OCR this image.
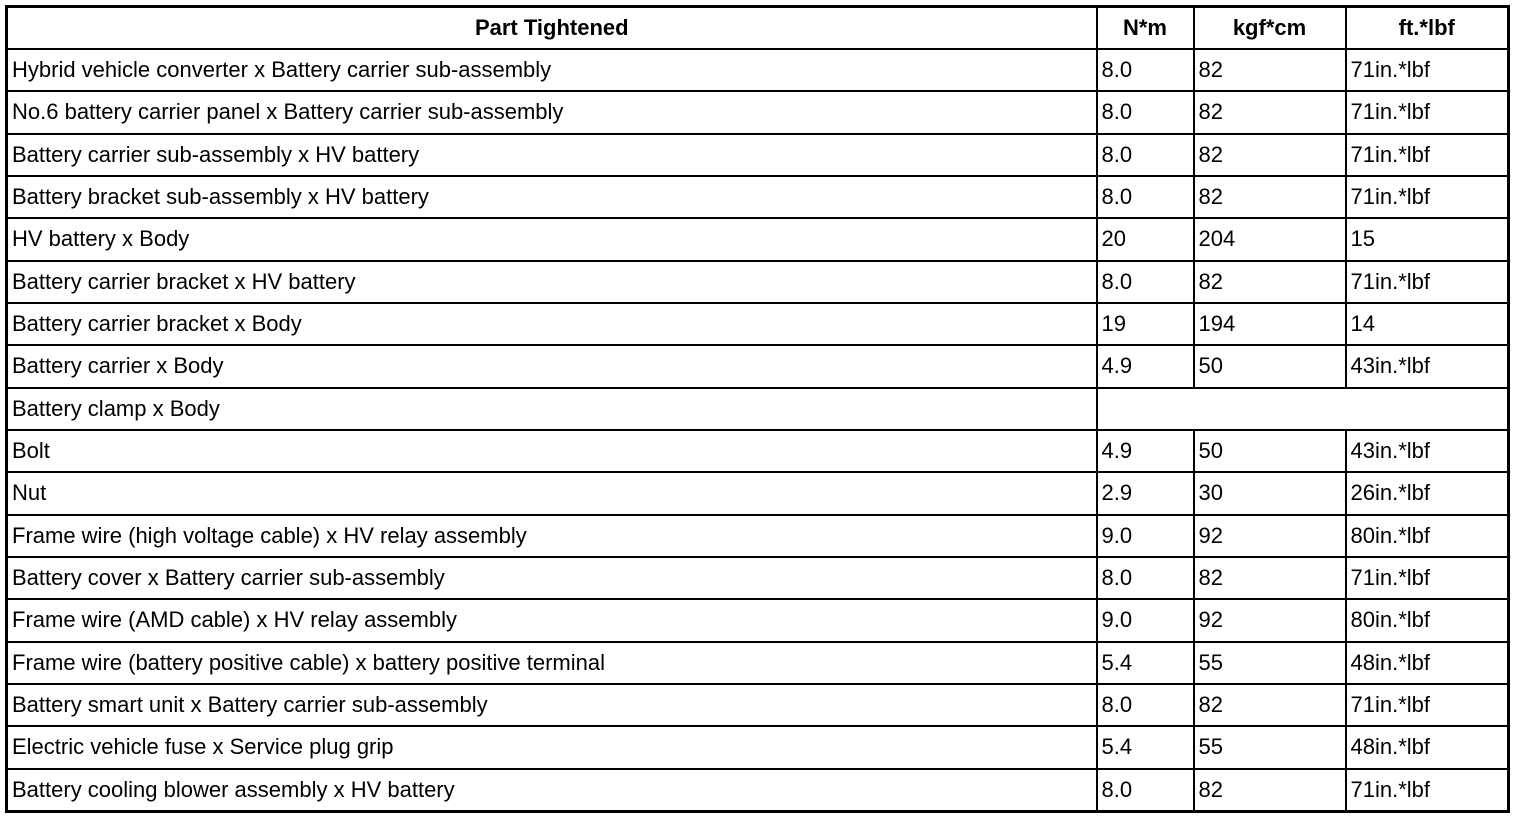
Part Tightened	N*m	kgf*cm	ft.*lbf
Hybrid vehicle converter x Battery carrier sub-assembly	8.0	82	71in.*lbf
No.6 battery carrier panel x Battery carrier sub-assembly	8.0	82	71in.*lbf
Battery carrier sub-assembly x HV battery	8.0	82	71in.*lbf
Battery bracket sub-assembly x HV battery	8.0	82	71in.*lbf
HV battery x Body	20	204	15
Battery carrier bracket x HV battery	8.0	82	71in.*lbf
Battery carrier bracket x Body	19	194	14
Battery carrier x Body	4.9	50	43in.*lbf
Battery clamp x Body			
Bolt	4.9	50	43in.*lbf
Nut	2.9	30	26in.*lbf
Frame wire (high voltage cable) x HV relay assembly	9.0	92	80in.*lbf
Battery cover x Battery carrier sub-assembly	8.0	82	71in.*lbf
Frame wire (AMD cable) x HV relay assembly	9.0	92	80in.*lbf
Frame wire (battery positive cable) x battery positive terminal	5.4	55	48in.*lbf
Battery smart unit x Battery carrier sub-assembly	8.0	82	71in.*lbf
Electric vehicle fuse x Service plug grip	5.4	55	48in.*lbf
Battery cooling blower assembly x HV battery	8.0	82	71in.*lbf
